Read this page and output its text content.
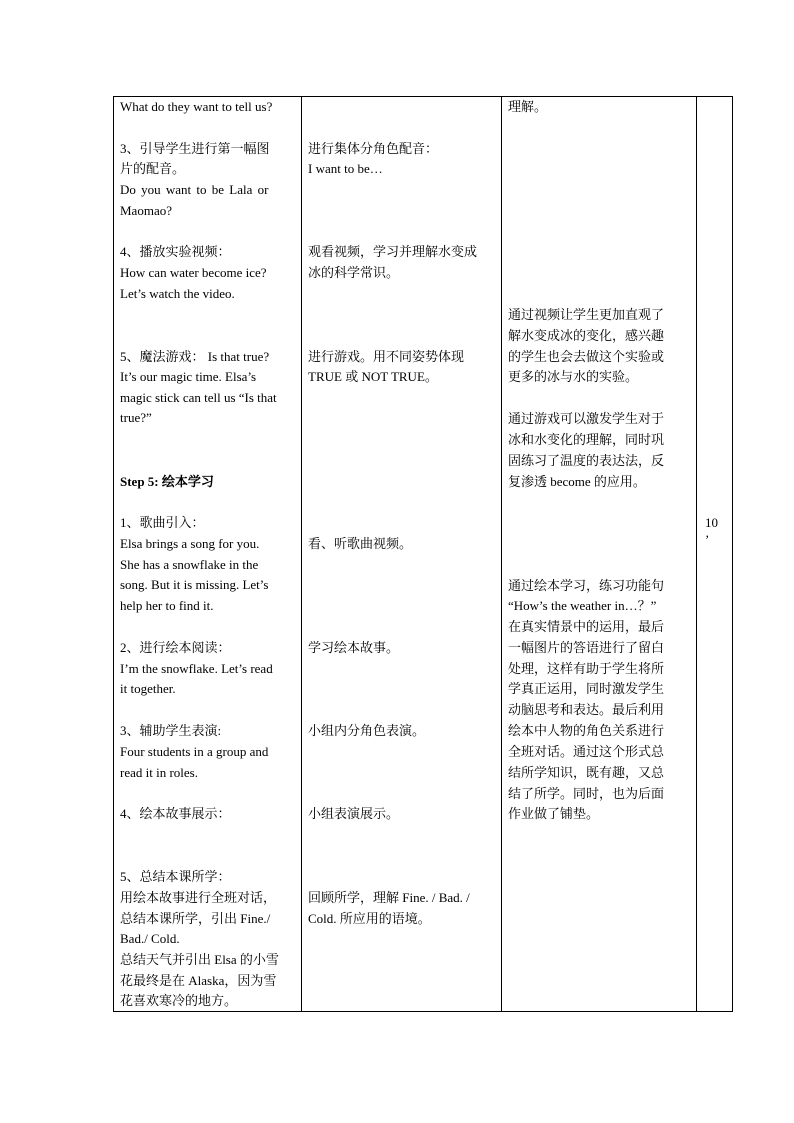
What do they want to tell us?
3、引导学生进行第一幅图
片的配音。
Do you want to be Lala or
Maomao?
4、播放实验视频：
How can water become ice?
Let’s watch the video.
5、魔法游戏： Is that true?
It’s our magic time. Elsa’s
magic stick can tell us “Is that
true?”
Step 5: 绘本学习
1、歌曲引入：
Elsa brings a song for you.
She has a snowflake in the
song. But it is missing. Let’s
help her to find it.
2、进行绘本阅读：
I’m the snowflake. Let’s read
it together.
3、辅助学生表演:
Four students in a group and
read it in roles.
4、绘本故事展示：
5、总结本课所学：
用绘本故事进行全班对话，
总结本课所学，引出 Fine./
Bad./ Cold.
总结天气并引出 Elsa 的小雪
花最终是在 Alaska，因为雪
花喜欢寒冷的地方。
进行集体分角色配音：
I want to be…
观看视频，学习并理解水变成
冰的科学常识。
进行游戏。用不同姿势体现
TRUE 或 NOT TRUE。
看、听歌曲视频。
学习绘本故事。
小组内分角色表演。
小组表演展示。
回顾所学，理解 Fine. / Bad. /
Cold. 所应用的语境。
理解。
通过视频让学生更加直观了
解水变成冰的变化，感兴趣
的学生也会去做这个实验或
更多的冰与水的实验。
通过游戏可以激发学生对于
冰和水变化的理解，同时巩
固练习了温度的表达法，反
复渗透 become 的应用。
通过绘本学习，练习功能句
“How’s the weather in…？”
在真实情景中的运用，最后
一幅图片的答语进行了留白
处理，这样有助于学生将所
学真正运用，同时激发学生
动脑思考和表达。最后利用
绘本中人物的角色关系进行
全班对话。通过这个形式总
结所学知识，既有趣，又总
结了所学。同时，也为后面
作业做了铺垫。
10
’
